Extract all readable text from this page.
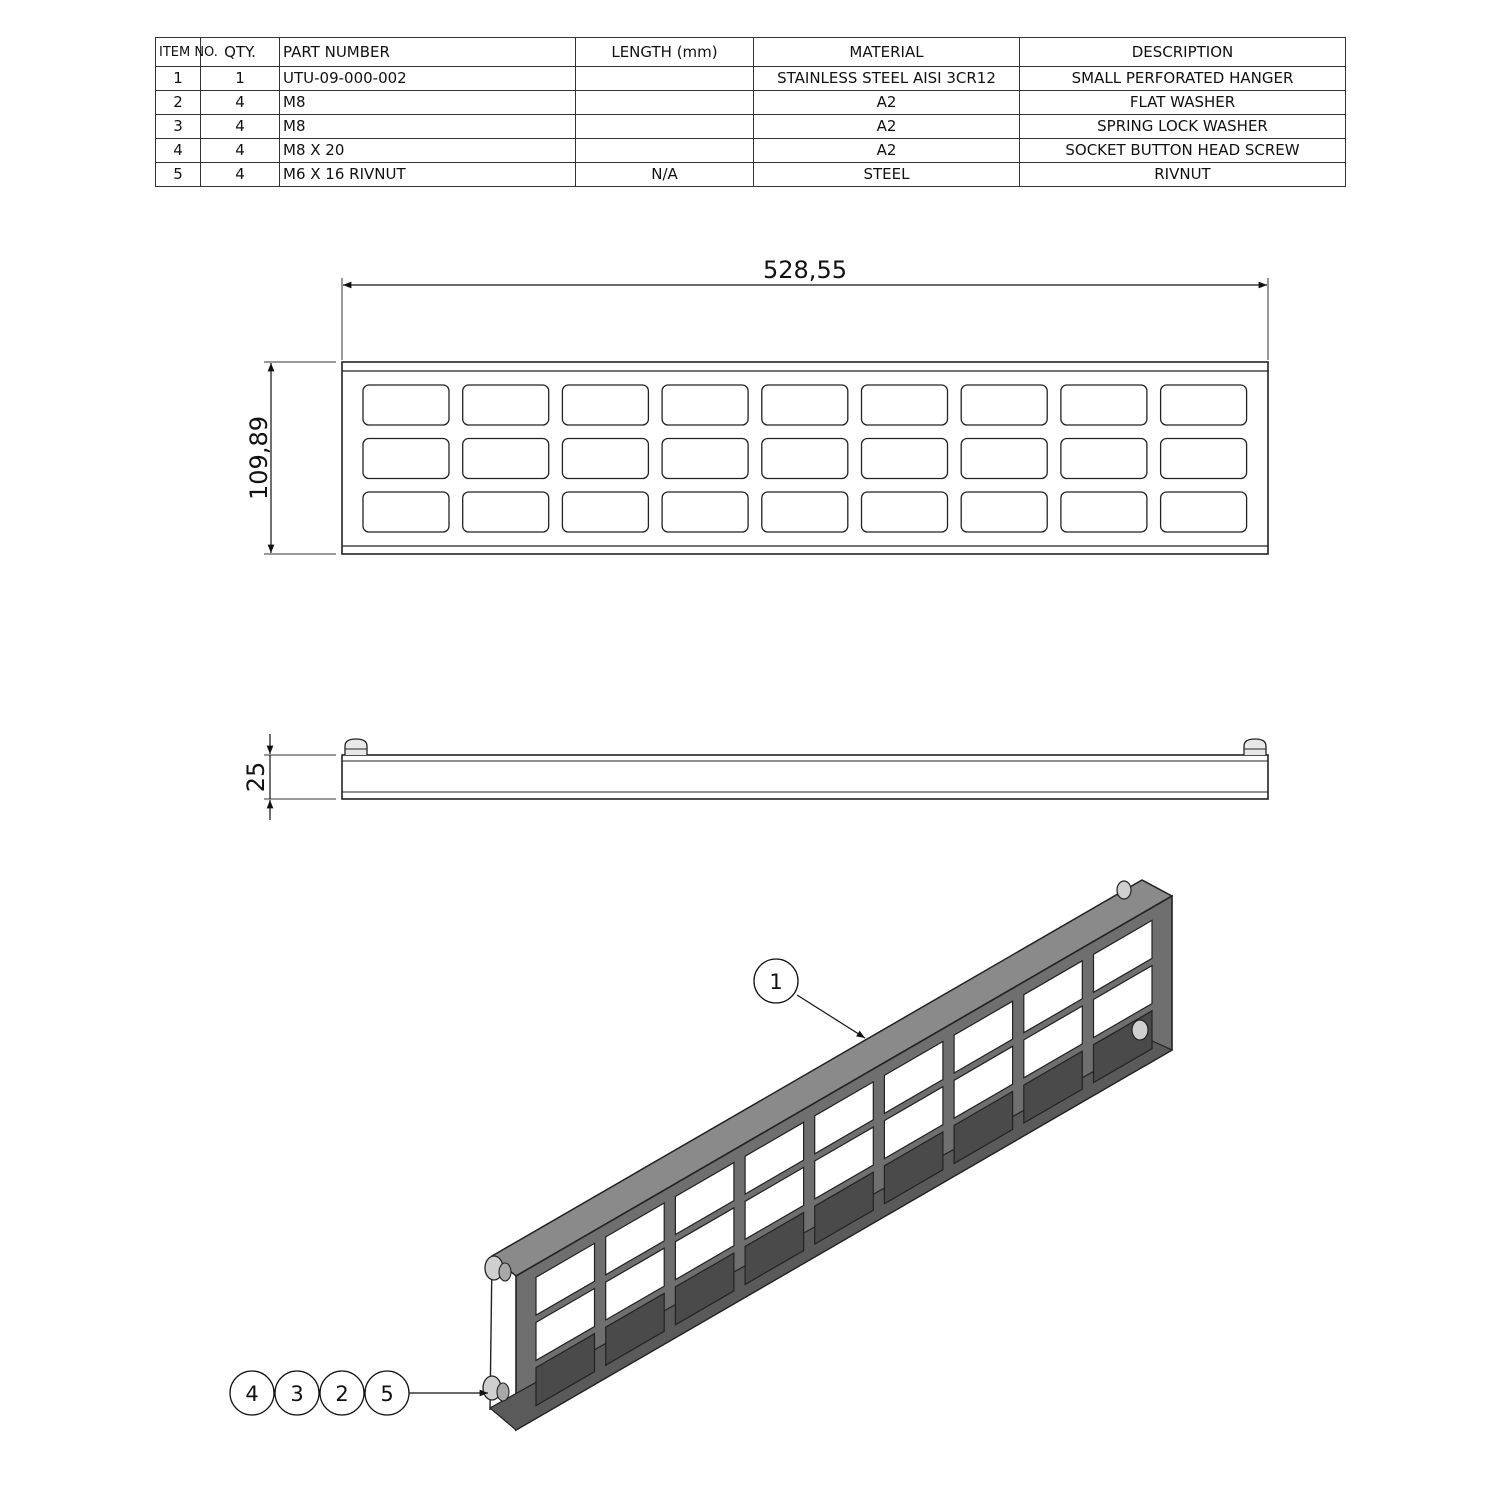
ITEM NO.	QTY.	PART NUMBER	LENGTH (mm)	MATERIAL	DESCRIPTION
1	1	UTU-09-000-002		STAINLESS STEEL AISI 3CR12	SMALL PERFORATED HANGER
2	4	M8		A2	FLAT WASHER
3	4	M8		A2	SPRING LOCK WASHER
4	4	M8 X 20		A2	SOCKET BUTTON HEAD SCREW
5	4	M6 X 16 RIVNUT	N/A	STEEL	RIVNUT
528,55
109,89
25
1
4 3 2 5
